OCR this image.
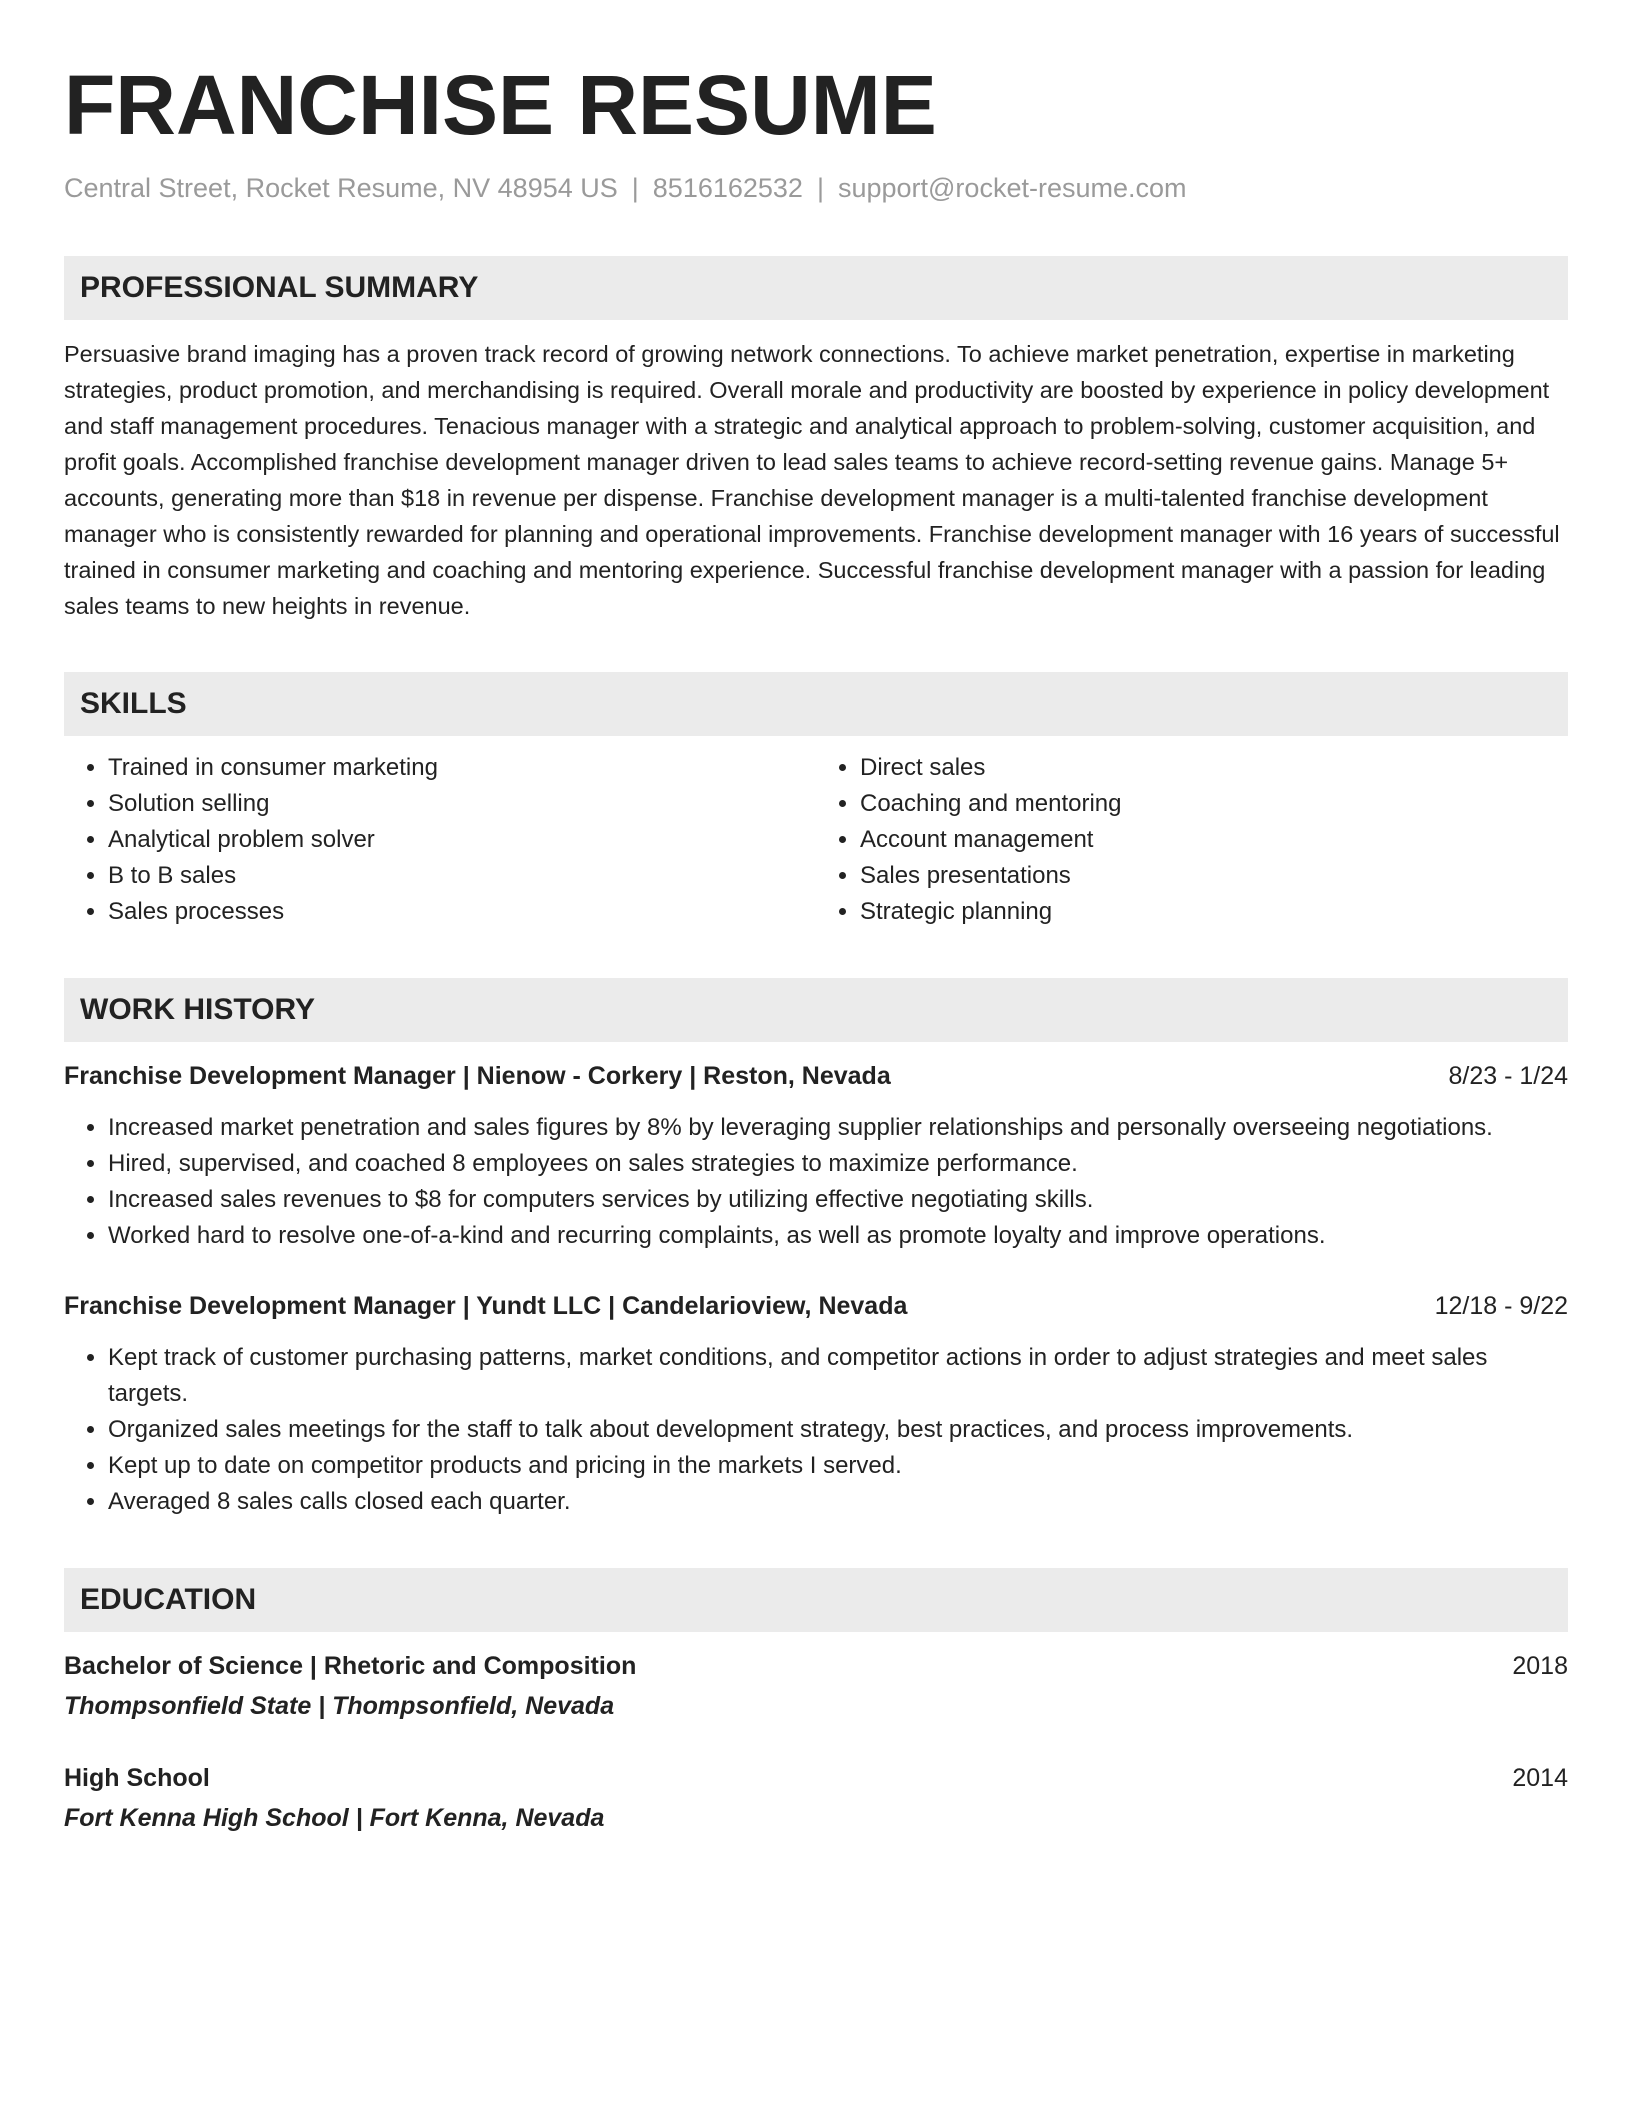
FRANCHISE RESUME
Central Street, Rocket Resume, NV 48954 US | 8516162532 | support@rocket-resume.com
PROFESSIONAL SUMMARY
Persuasive brand imaging has a proven track record of growing network connections. To achieve market penetration, expertise in marketing strategies, product promotion, and merchandising is required. Overall morale and productivity are boosted by experience in policy development and staff management procedures. Tenacious manager with a strategic and analytical approach to problem-solving, customer acquisition, and profit goals. Accomplished franchise development manager driven to lead sales teams to achieve record-setting revenue gains. Manage 5+ accounts, generating more than $18 in revenue per dispense. Franchise development manager is a multi-talented franchise development manager who is consistently rewarded for planning and operational improvements. Franchise development manager with 16 years of successful trained in consumer marketing and coaching and mentoring experience. Successful franchise development manager with a passion for leading sales teams to new heights in revenue.
SKILLS
• Trained in consumer marketing
• Solution selling
• Analytical problem solver
• B to B sales
• Sales processes
• Direct sales
• Coaching and mentoring
• Account management
• Sales presentations
• Strategic planning
WORK HISTORY
Franchise Development Manager | Nienow - Corkery | Reston, Nevada	8/23 - 1/24
• Increased market penetration and sales figures by 8% by leveraging supplier relationships and personally overseeing negotiations.
• Hired, supervised, and coached 8 employees on sales strategies to maximize performance.
• Increased sales revenues to $8 for computers services by utilizing effective negotiating skills.
• Worked hard to resolve one-of-a-kind and recurring complaints, as well as promote loyalty and improve operations.
Franchise Development Manager | Yundt LLC | Candelarioview, Nevada	12/18 - 9/22
• Kept track of customer purchasing patterns, market conditions, and competitor actions in order to adjust strategies and meet sales targets.
• Organized sales meetings for the staff to talk about development strategy, best practices, and process improvements.
• Kept up to date on competitor products and pricing in the markets I served.
• Averaged 8 sales calls closed each quarter.
EDUCATION
Bachelor of Science | Rhetoric and Composition	2018
Thompsonfield State | Thompsonfield, Nevada
High School	2014
Fort Kenna High School | Fort Kenna, Nevada
